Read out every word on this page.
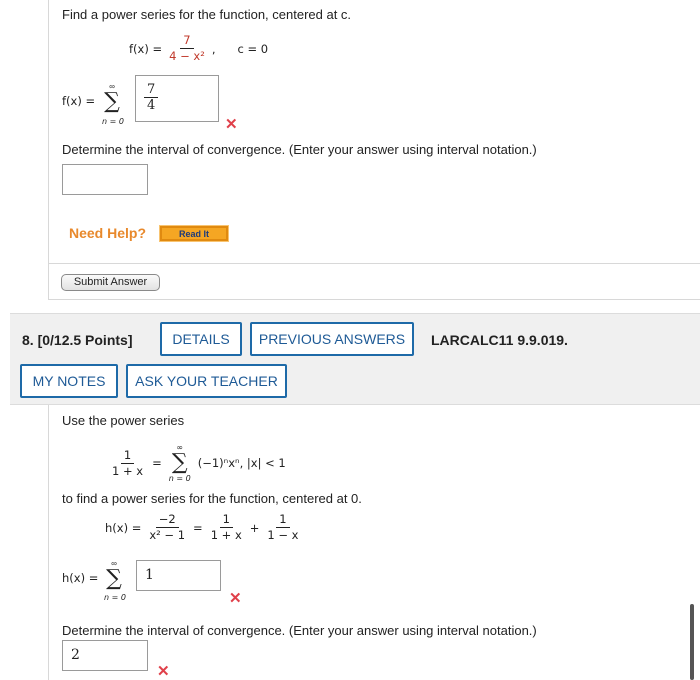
Find a power series for the function, centered at c.
$f(x) = \frac{7}{\text{4 − x²}}$ , c = 0
f(x) =
∞
∑
n = 0
$\frac{7}{4}$
✕
Determine the interval of convergence. (Enter your answer using interval notation.)
Need Help?	Read It
Submit Answer
8. [0/12.5 Points]	DETAILS	PREVIOUS ANSWERS	LARCALC11 9.9.019.
MY NOTES	ASK YOUR TEACHER
Use the power series
$\frac{1}{1 + x}$ =
∞
∑
n = 0
(−1)ⁿxⁿ, |x| < 1
to find a power series for the function, centered at 0.
$h(x) = \frac{-2}{\text{x² − 1}} = \frac{1}{1 + x} + \frac{1}{1 - x}$
h(x) =
∞
∑
n = 0
1
✕
Determine the interval of convergence. (Enter your answer using interval notation.)
2
✕
